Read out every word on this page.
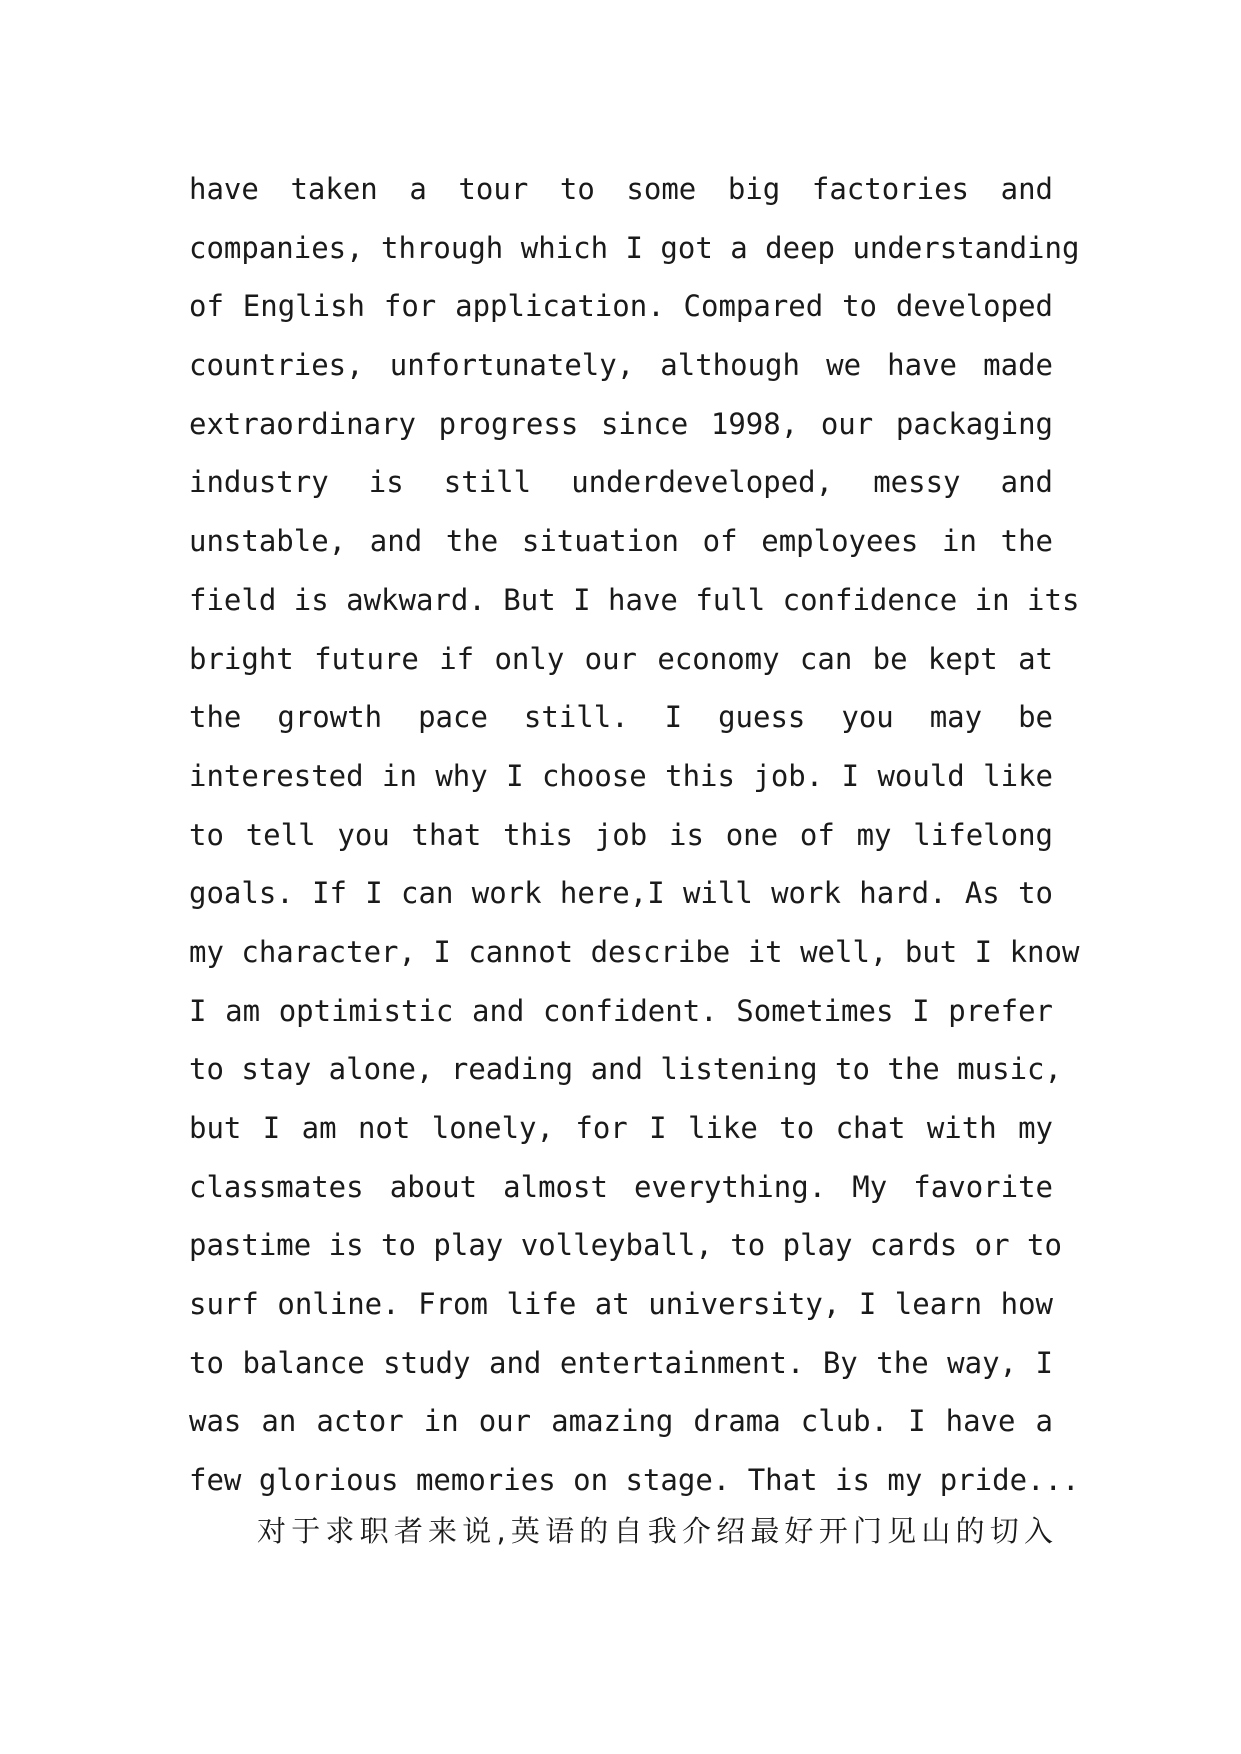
have taken a tour to some big factories and
companies, through which I got a deep understanding
of English for application. Compared to developed
countries, unfortunately, although we have made
extraordinary progress since 1998, our packaging
industry is still underdeveloped, messy and
unstable, and the situation of employees in the
field is awkward. But I have full confidence in its
bright future if only our economy can be kept at
the growth pace still. I guess you may be
interested in why I choose this job. I would like
to tell you that this job is one of my lifelong
goals. If I can work here,I will work hard. As to
my character, I cannot describe it well, but I know
I am optimistic and confident. Sometimes I prefer
to stay alone, reading and listening to the music,
but I am not lonely, for I like to chat with my
classmates about almost everything. My favorite
pastime is to play volleyball, to play cards or to
surf online. From life at university, I learn how
to balance study and entertainment. By the way, I
was an actor in our amazing drama club. I have a
few glorious memories on stage. That is my pride...

对于求职者来说,英语的自我介绍最好开门见山的切入
